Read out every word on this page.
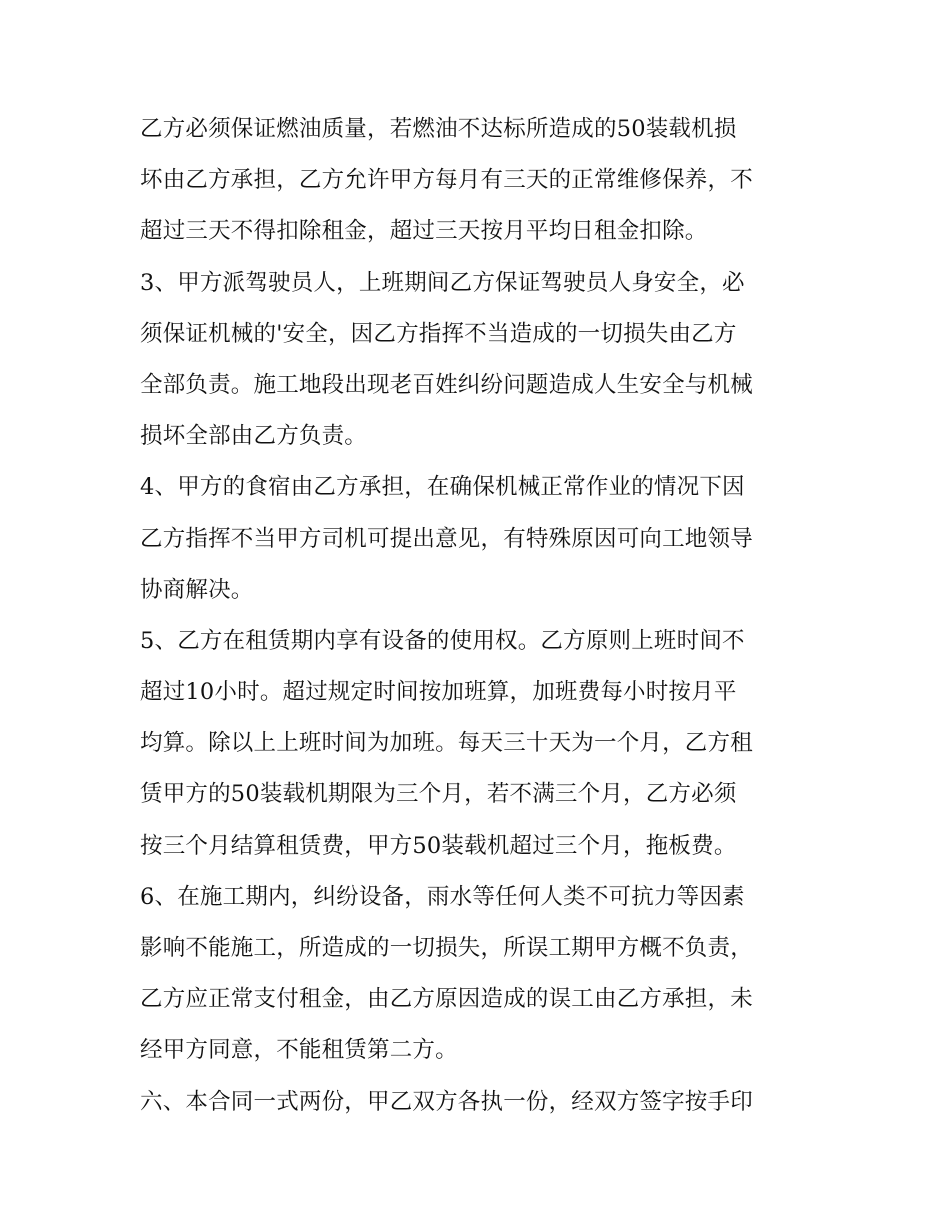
乙方必须保证燃油质量，若燃油不达标所造成的50装载机损
坏由乙方承担，乙方允许甲方每月有三天的正常维修保养，不
超过三天不得扣除租金，超过三天按月平均日租金扣除。
3、甲方派驾驶员人，上班期间乙方保证驾驶员人身安全，必
须保证机械的'安全，因乙方指挥不当造成的一切损失由乙方
全部负责。施工地段出现老百姓纠纷问题造成人生安全与机械
损坏全部由乙方负责。
4、甲方的食宿由乙方承担，在确保机械正常作业的情况下因
乙方指挥不当甲方司机可提出意见，有特殊原因可向工地领导
协商解决。
5、乙方在租赁期内享有设备的使用权。乙方原则上班时间不
超过10小时。超过规定时间按加班算，加班费每小时按月平
均算。除以上上班时间为加班。每天三十天为一个月，乙方租
赁甲方的50装载机期限为三个月，若不满三个月，乙方必须
按三个月结算租赁费，甲方50装载机超过三个月，拖板费。
6、在施工期内，纠纷设备，雨水等任何人类不可抗力等因素
影响不能施工，所造成的一切损失，所误工期甲方概不负责，
乙方应正常支付租金，由乙方原因造成的误工由乙方承担，未
经甲方同意，不能租赁第二方。
六、本合同一式两份，甲乙双方各执一份，经双方签字按手印
